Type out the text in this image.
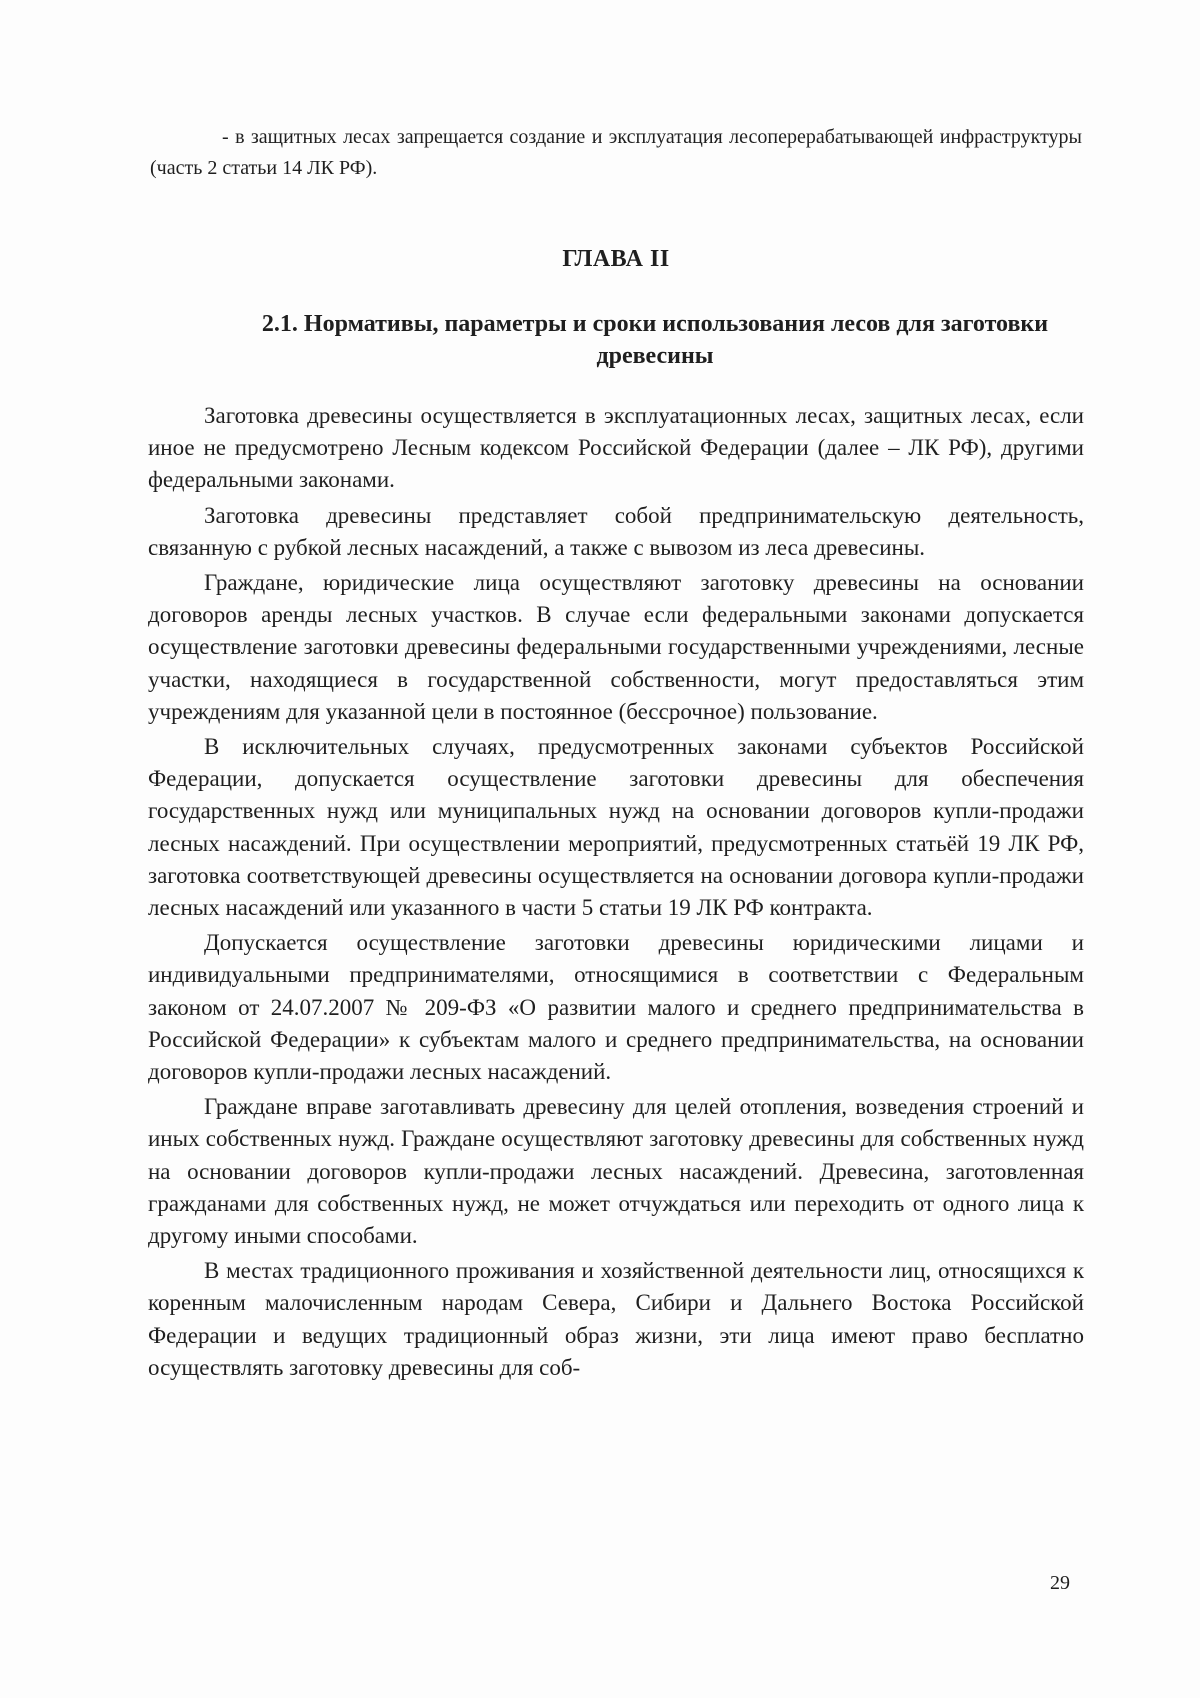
- в защитных лесах запрещается создание и эксплуатация лесоперерабатывающей инфраструктуры (часть 2 статьи 14 ЛК РФ).

ГЛАВА II
2.1. Нормативы, параметры и сроки использования лесов для заготовки древесины

Заготовка древесины осуществляется в эксплуатационных лесах, защитных лесах, если иное не предусмотрено Лесным кодексом Российской Федерации (далее – ЛК РФ), другими федеральными законами.

Заготовка древесины представляет собой предпринимательскую деятельность, связанную с рубкой лесных насаждений, а также с вывозом из леса древесины.

Граждане, юридические лица осуществляют заготовку древесины на основании договоров аренды лесных участков. В случае если федеральными законами допускается осуществление заготовки древесины федеральными государственными учреждениями, лесные участки, находящиеся в государственной собственности, могут предоставляться этим учреждениям для указанной цели в постоянное (бессрочное) пользование.

В исключительных случаях, предусмотренных законами субъектов Российской Федерации, допускается осуществление заготовки древесины для обеспечения государственных нужд или муниципальных нужд на основании договоров купли-продажи лесных насаждений. При осуществлении мероприятий, предусмотренных статьёй 19 ЛК РФ, заготовка соответствующей древесины осуществляется на основании договора купли-продажи лесных насаждений или указанного в части 5 статьи 19 ЛК РФ контракта.

Допускается осуществление заготовки древесины юридическими лицами и индивидуальными предпринимателями, относящимися в соответствии с Федеральным законом от 24.07.2007 № 209-ФЗ «О развитии малого и среднего предпринимательства в Российской Федерации» к субъектам малого и среднего предпринимательства, на основании договоров купли-продажи лесных насаждений.

Граждане вправе заготавливать древесину для целей отопления, возведения строений и иных собственных нужд. Граждане осуществляют заготовку древесины для собственных нужд на основании договоров купли-продажи лесных насаждений. Древесина, заготовленная гражданами для собственных нужд, не может отчуждаться или переходить от одного лица к другому иными способами.

В местах традиционного проживания и хозяйственной деятельности лиц, относящихся к коренным малочисленным народам Севера, Сибири и Дальнего Востока Российской Федерации и ведущих традиционный образ жизни, эти лица имеют право бесплатно осуществлять заготовку древесины для соб-

29
